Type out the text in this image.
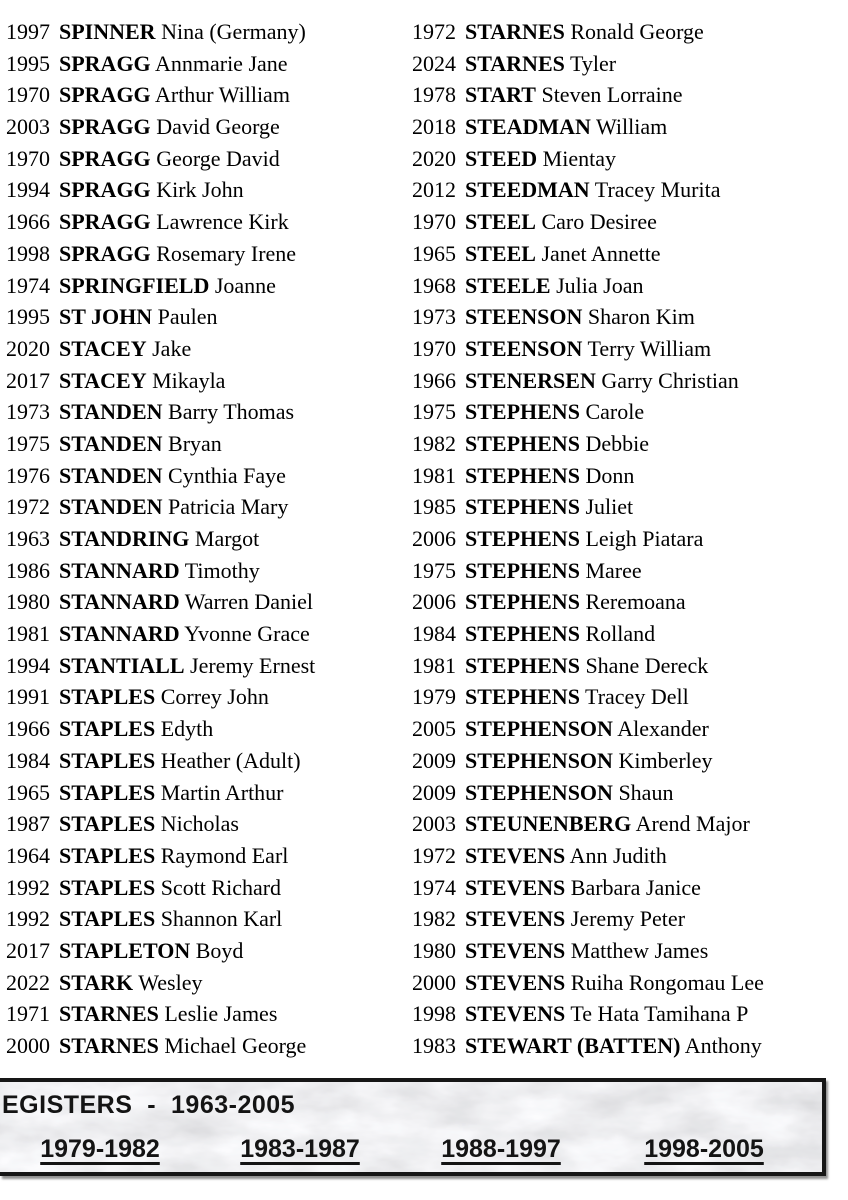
1997 SPINNER Nina (Germany)
1995 SPRAGG Annmarie Jane
1970 SPRAGG Arthur William
2003 SPRAGG David George
1970 SPRAGG George David
1994 SPRAGG Kirk John
1966 SPRAGG Lawrence Kirk
1998 SPRAGG Rosemary Irene
1974 SPRINGFIELD Joanne
1995 ST JOHN Paulen
2020 STACEY Jake
2017 STACEY Mikayla
1973 STANDEN Barry Thomas
1975 STANDEN Bryan
1976 STANDEN Cynthia Faye
1972 STANDEN Patricia Mary
1963 STANDRING Margot
1986 STANNARD Timothy
1980 STANNARD Warren Daniel
1981 STANNARD Yvonne Grace
1994 STANTIALL Jeremy Ernest
1991 STAPLES Correy John
1966 STAPLES Edyth
1984 STAPLES Heather (Adult)
1965 STAPLES Martin Arthur
1987 STAPLES Nicholas
1964 STAPLES Raymond Earl
1992 STAPLES Scott Richard
1992 STAPLES Shannon Karl
2017 STAPLETON Boyd
2022 STARK Wesley
1971 STARNES Leslie James
2000 STARNES Michael George
1972 STARNES Ronald George
2024 STARNES Tyler
1978 START Steven Lorraine
2018 STEADMAN William
2020 STEED Mientay
2012 STEEDMAN Tracey Murita
1970 STEEL Caro Desiree
1965 STEEL Janet Annette
1968 STEELE Julia Joan
1973 STEENSON Sharon Kim
1970 STEENSON Terry William
1966 STENERSEN Garry Christian
1975 STEPHENS Carole
1982 STEPHENS Debbie
1981 STEPHENS Donn
1985 STEPHENS Juliet
2006 STEPHENS Leigh Piatara
1975 STEPHENS Maree
2006 STEPHENS Reremoana
1984 STEPHENS Rolland
1981 STEPHENS Shane Dereck
1979 STEPHENS Tracey Dell
2005 STEPHENSON Alexander
2009 STEPHENSON Kimberley
2009 STEPHENSON Shaun
2003 STEUNENBERG Arend Major
1972 STEVENS Ann Judith
1974 STEVENS Barbara Janice
1982 STEVENS Jeremy Peter
1980 STEVENS Matthew James
2000 STEVENS Ruiha Rongomau Lee
1998 STEVENS Te Hata Tamihana P
1983 STEWART (BATTEN) Anthony
EGISTERS  -  1963-2005
1979-1982	1983-1987	1988-1997	1998-2005
